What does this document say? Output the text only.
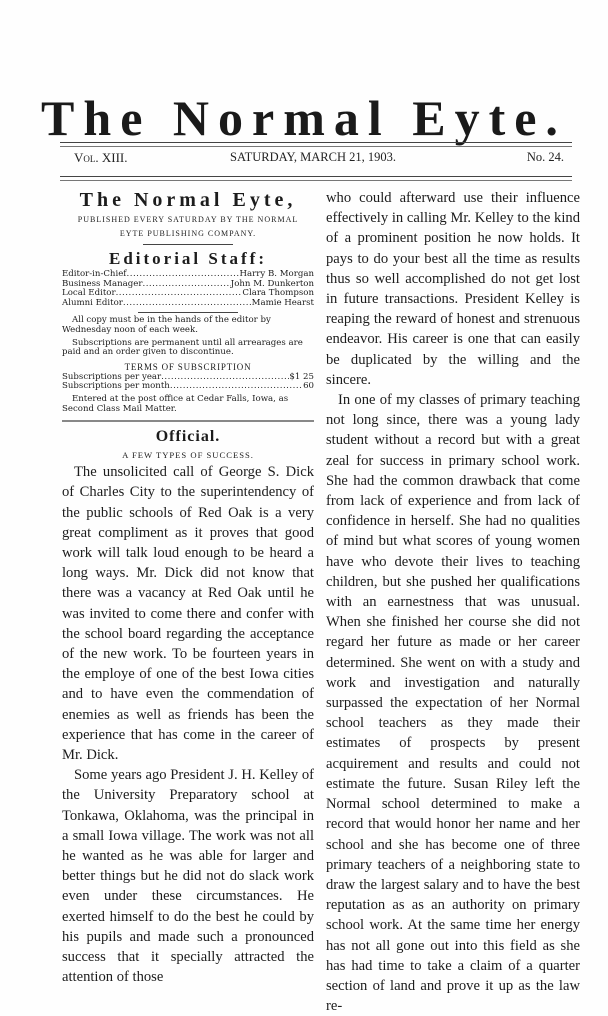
The Normal Eyte.
Vol. XIII.	SATURDAY, MARCH 21, 1903.	No. 24.
The Normal Eyte,
PUBLISHED EVERY SATURDAY BY THE NORMAL
EYTE PUBLISHING COMPANY.
Editorial Staff:
Editor-in-Chief .....	Harry B. Morgan
Business Manager .....	John M. Dunkerton
Local Editor .....	Clara Thompson
Alumni Editor .....	Mamie Hearst
All copy must be in the hands of the editor by Wednesday noon of each week.
Subscriptions are permanent until all arrearages are paid and an order given to discontinue.
TERMS OF SUBSCRIPTION
Subscriptions per year .....	$1 25
Subscriptions per month .....	60
Entered at the post office at Cedar Falls, Iowa, as Second Class Mail Matter.
Official.
A FEW TYPES OF SUCCESS.

The unsolicited call of George S. Dick of Charles City to the superintendency of the public schools of Red Oak is a very great compliment as it proves that good work will talk loud enough to be heard a long ways. Mr. Dick did not know that there was a vacancy at Red Oak until he was invited to come there and confer with the school board regarding the acceptance of the new work. To be fourteen years in the employe of one of the best Iowa cities and to have even the commendation of enemies as well as friends has been the experience that has come in the career of Mr. Dick.

Some years ago President J. H. Kelley of the University Preparatory school at Tonkawa, Oklahoma, was the principal in a small Iowa village. The work was not all he wanted as he was able for larger and better things but he did not do slack work even under these circumstances. He exerted himself to do the best he could by his pupils and made such a pronounced success that it specially attracted the attention of those

who could afterward use their influence effectively in calling Mr. Kelley to the kind of a prominent position he now holds. It pays to do your best all the time as results thus so well accomplished do not get lost in future transactions. President Kelley is reaping the reward of honest and strenuous endeavor. His career is one that can easily be duplicated by the willing and the sincere.

In one of my classes of primary teaching not long since, there was a young lady student without a record but with a great zeal for success in primary school work. She had the common drawback that come from lack of experience and from lack of confidence in herself. She had no qualities of mind but what scores of young women have who devote their lives to teaching children, but she pushed her qualifications with an earnestness that was unusual. When she finished her course she did not regard her future as made or her career determined. She went on with a study and work and investigation and naturally surpassed the expectation of her Normal school teachers as they made their estimates of prospects by present acquirement and results and could not estimate the future. Susan Riley left the Normal school determined to make a record that would honor her name and her school and she has become one of three primary teachers of a neighboring state to draw the largest salary and to have the best reputation as as an authority on primary school work. At the same time her energy has not all gone out into this field as she has had time to take a claim of a quarter section of land and prove it up as the law re-
